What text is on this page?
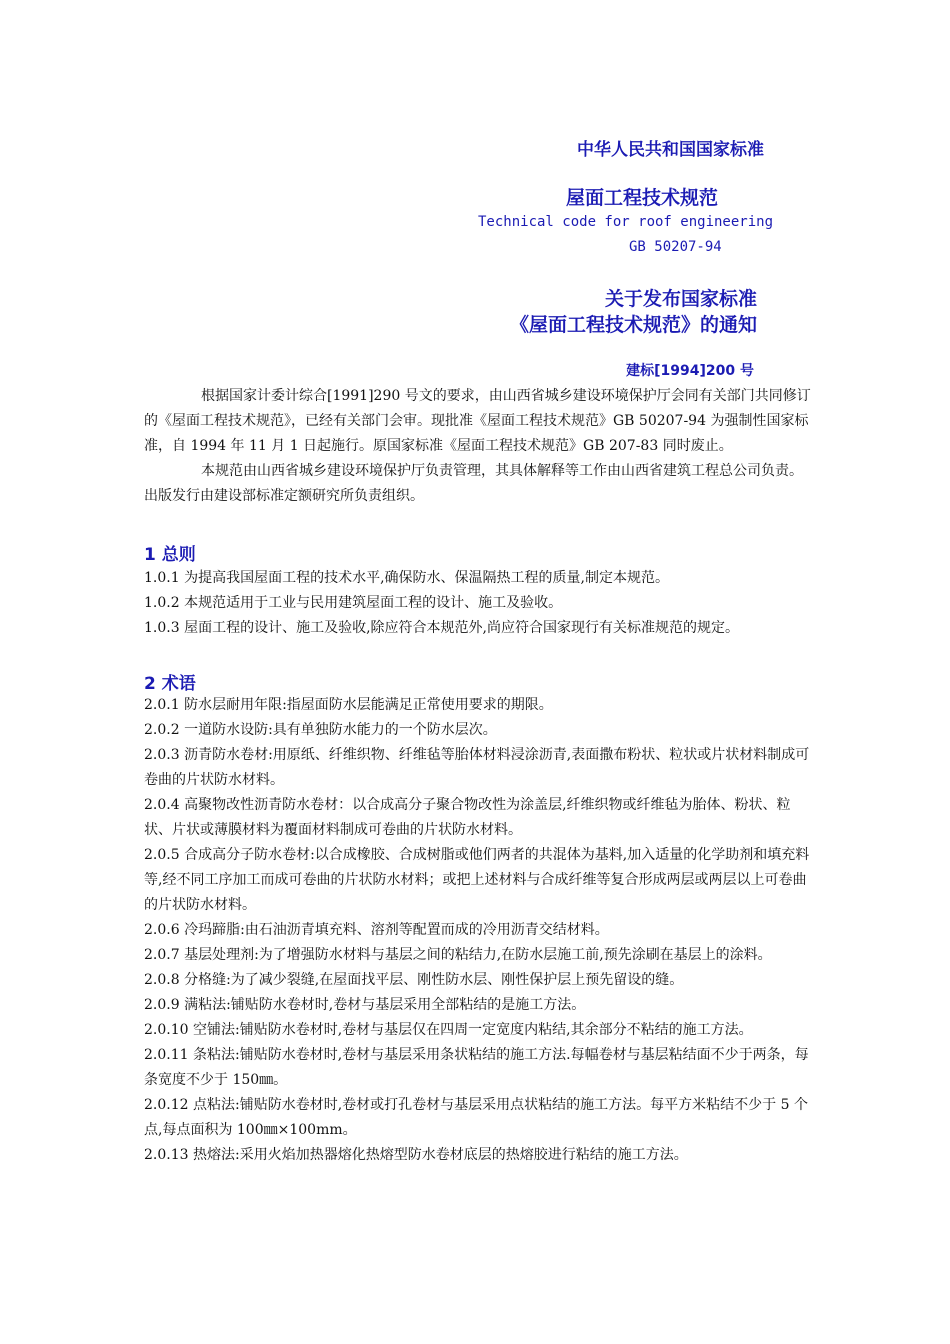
中华人民共和国国家标准
屋面工程技术规范
Technical code for roof engineering
GB 50207-94
关于发布国家标准
《屋面工程技术规范》的通知
建标[1994]200 号

根据国家计委计综合[1991]290 号文的要求，由山西省城乡建设环境保护厅会同有关部门共同修订的《屋面工程技术规范》，已经有关部门会审。现批准《屋面工程技术规范》GB 50207-94 为强制性国家标准，自 1994 年 11 月 1 日起施行。原国家标准《屋面工程技术规范》GB 207-83 同时废止。

本规范由山西省城乡建设环境保护厅负责管理，其具体解释等工作由山西省建筑工程总公司负责。出版发行由建设部标准定额研究所负责组织。

1 总则
1.0.1 为提高我国屋面工程的技术水平,确保防水、保温隔热工程的质量,制定本规范。
1.0.2 本规范适用于工业与民用建筑屋面工程的设计、施工及验收。
1.0.3 屋面工程的设计、施工及验收,除应符合本规范外,尚应符合国家现行有关标准规范的规定。
2 术语
2.0.1 防水层耐用年限:指屋面防水层能满足正常使用要求的期限。
2.0.2 一道防水设防:具有单独防水能力的一个防水层次。
2.0.3 沥青防水卷材:用原纸、纤维织物、纤维毡等胎体材料浸涂沥青,表面撒布粉状、粒状或片状材料制成可卷曲的片状防水材料。
2.0.4 高聚物改性沥青防水卷材：以合成高分子聚合物改性为涂盖层,纤维织物或纤维毡为胎体、粉状、粒状、片状或薄膜材料为覆面材料制成可卷曲的片状防水材料。
2.0.5 合成高分子防水卷材:以合成橡胶、合成树脂或他们两者的共混体为基料,加入适量的化学助剂和填充料等,经不同工序加工而成可卷曲的片状防水材料；或把上述材料与合成纤维等复合形成两层或两层以上可卷曲的片状防水材料。
2.0.6 冷玛蹄脂:由石油沥青填充料、溶剂等配置而成的冷用沥青交结材料。
2.0.7 基层处理剂:为了增强防水材料与基层之间的粘结力,在防水层施工前,预先涂刷在基层上的涂料。
2.0.8 分格缝:为了减少裂缝,在屋面找平层、刚性防水层、刚性保护层上预先留设的缝。
2.0.9 满粘法:铺贴防水卷材时,卷材与基层采用全部粘结的是施工方法。
2.0.10 空铺法:铺贴防水卷材时,卷材与基层仅在四周一定宽度内粘结,其余部分不粘结的施工方法。
2.0.11 条粘法:铺贴防水卷材时,卷材与基层采用条状粘结的施工方法.每幅卷材与基层粘结面不少于两条，每条宽度不少于 150㎜。
2.0.12 点粘法:铺贴防水卷材时,卷材或打孔卷材与基层采用点状粘结的施工方法。每平方米粘结不少于 5 个点,每点面积为 100㎜×100mm。
2.0.13 热熔法:采用火焰加热器熔化热熔型防水卷材底层的热熔胶进行粘结的施工方法。
